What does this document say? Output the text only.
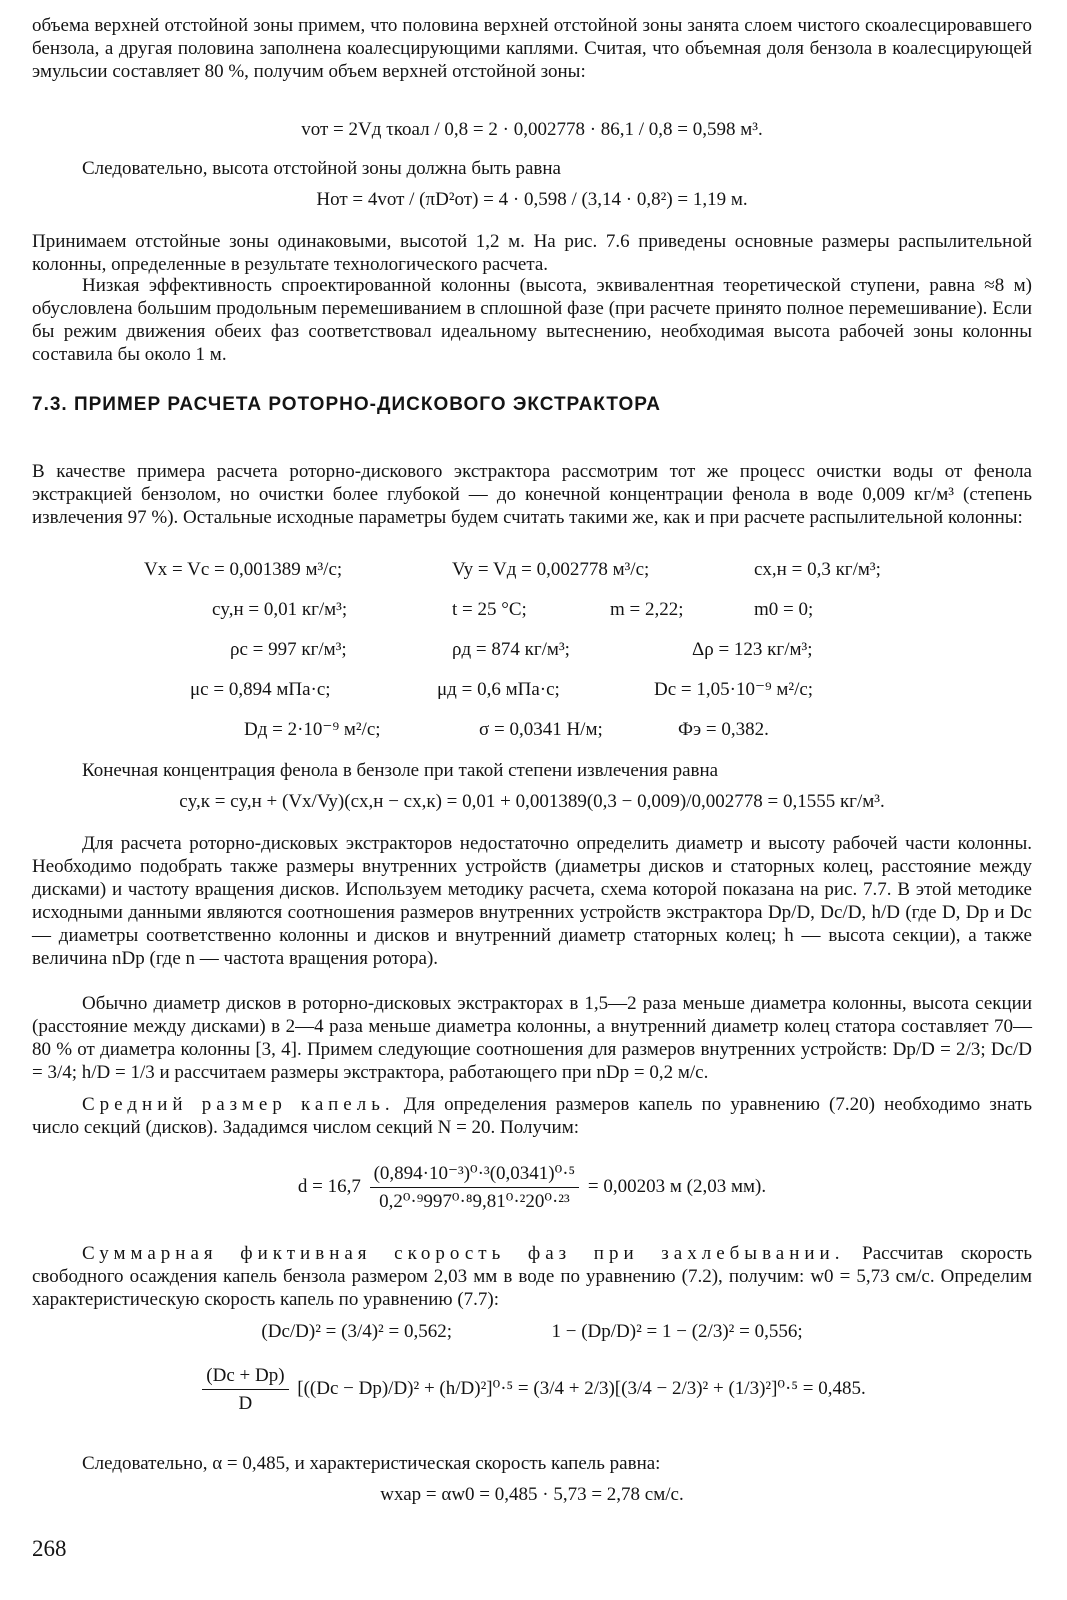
объема верхней отстойной зоны примем, что половина верхней отстойной зоны занята слоем чистого скоалесцировавшего бензола, а другая половина заполнена коалесцирующими каплями. Считая, что объемная доля бензола в коалесцирующей эмульсии составляет 80 %, получим объем верхней отстойной зоны:

vот = 2Vд τкоал / 0,8 = 2 · 0,002778 · 86,1 / 0,8 = 0,598 м³.

Следовательно, высота отстойной зоны должна быть равна

Hот = 4vот / (πD²от) = 4 · 0,598 / (3,14 · 0,8²) = 1,19 м.

Принимаем отстойные зоны одинаковыми, высотой 1,2 м. На рис. 7.6 приведены основные размеры распылительной колонны, определенные в результате технологического расчета.

Низкая эффективность спроектированной колонны (высота, эквивалентная теоретической ступени, равна ≈8 м) обусловлена большим продольным перемешиванием в сплошной фазе (при расчете принято полное перемешивание). Если бы режим движения обеих фаз соответствовал идеальному вытеснению, необходимая высота рабочей зоны колонны составила бы около 1 м.

7.3. ПРИМЕР РАСЧЕТА РОТОРНО-ДИСКОВОГО ЭКСТРАКТОРА

В качестве примера расчета роторно-дискового экстрактора рассмотрим тот же процесс очистки воды от фенола экстракцией бензолом, но очистки более глубокой — до конечной концентрации фенола в воде 0,009 кг/м³ (степень извлечения 97 %). Остальные исходные параметры будем считать такими же, как и при расчете распылительной колонны:

Vx = Vc = 0,001389 м³/с;	Vy = Vд = 0,002778 м³/с;	cx,н = 0,3 кг/м³;
cy,н = 0,01 кг/м³;	t = 25 °С;	m = 2,22;	m0 = 0;
ρс = 997 кг/м³;	ρд = 874 кг/м³;	Δρ = 123 кг/м³;
μс = 0,894 мПа·с;	μд = 0,6 мПа·с;	Dс = 1,05·10⁻⁹ м²/с;
Dд = 2·10⁻⁹ м²/с;	σ = 0,0341 Н/м;	Фэ = 0,382.

Конечная концентрация фенола в бензоле при такой степени извлечения равна

cy,к = cy,н + (Vx/Vy)(cx,н − cx,к) = 0,01 + 0,001389(0,3 − 0,009)/0,002778 = 0,1555 кг/м³.

Для расчета роторно-дисковых экстракторов недостаточно определить диаметр и высоту рабочей части колонны. Необходимо подобрать также размеры внутренних устройств (диаметры дисков и статорных колец, расстояние между дисками) и частоту вращения дисков. Используем методику расчета, схема которой показана на рис. 7.7. В этой методике исходными данными являются соотношения размеров внутренних устройств экстрактора Dр/D, Dс/D, h/D (где D, Dр и Dс — диаметры соответственно колонны и дисков и внутренний диаметр статорных колец; h — высота секции), а также величина nDр (где n — частота вращения ротора).

Обычно диаметр дисков в роторно-дисковых экстракторах в 1,5—2 раза меньше диаметра колонны, высота секции (расстояние между дисками) в 2—4 раза меньше диаметра колонны, а внутренний диаметр колец статора составляет 70—80 % от диаметра колонны [3, 4]. Примем следующие соотношения для размеров внутренних устройств: Dр/D = 2/3; Dс/D = 3/4; h/D = 1/3 и рассчитаем размеры экстрактора, работающего при nDр = 0,2 м/с.

Средний размер капель. Для определения размеров капель по уравнению (7.20) необходимо знать число секций (дисков). Зададимся числом секций N = 20. Получим:

$d = 16,7 \frac{\text{(0,894·10⁻³)⁰·³(0,0341)⁰·⁵}}{\text{0,2⁰·⁹997⁰·⁸9,81⁰·²20⁰·²³}} = 0,00203$ м (2,03 мм).

Суммарная фиктивная скорость фаз при захлебывании. Рассчитав скорость свободного осаждения капель бензола размером 2,03 мм в воде по уравнению (7.2), получим: w0 = 5,73 см/с. Определим характеристическую скорость капель по уравнению (7.7):

(Dс/D)² = (3/4)² = 0,562;	1 − (Dр/D)² = 1 − (2/3)² = 0,556;
$\frac{(Dс + Dр)}{D} [((Dс - Dр)/D)^2 + (h/D)^2]^0\cdot^5 = (3/4 + 2/3)[(3/4 - 2/3)^2 + (1/3)^2]^0\cdot^5 = 0,485$.

Следовательно, α = 0,485, и характеристическая скорость капель равна:

wхар = αw0 = 0,485 · 5,73 = 2,78 см/с.

268
